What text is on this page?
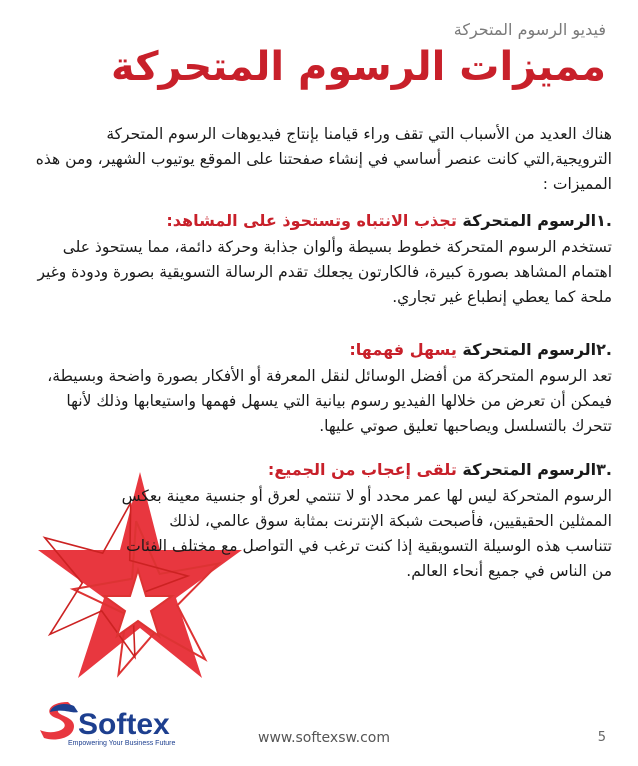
فيديو الرسوم المتحركة
مميزات الرسوم المتحركة

هناك العديد من الأسباب التي تقف وراء قيامنا بإنتاج فيديوهات الرسوم المتحركة الترويجية,التي كانت عنصر أساسي في إنشاء صفحتنا على الموقع يوتيوب الشهير، ومن هذه المميزات :

.١الرسوم المتحركة تجذب الانتباه وتستحوذ على المشاهد:

تستخدم الرسوم المتحركة خطوط بسيطة وألوان جذابة وحركة دائمة، مما يستحوذ على اهتمام المشاهد بصورة كبيرة، فالكارتون يجعلك تقدم الرسالة التسويقية بصورة ودودة وغير ملحة كما يعطي إنطباع غير تجاري.

.٢الرسوم المتحركة يسهل فهمها:

تعد الرسوم المتحركة من أفضل الوسائل لنقل المعرفة أو الأفكار بصورة واضحة وبسيطة، فيمكن أن تعرض من خلالها الفيديو رسوم بيانية التي يسهل فهمها واستيعابها وذلك لأنها تتحرك بالتسلسل ويصاحبها تعليق صوتي عليها.

.٣الرسوم المتحركة تلقى إعجاب من الجميع:

الرسوم المتحركة ليس لها عمر محدد أو لا تنتمي لعرق أو جنسية معينة بعكس الممثلين الحقيقيين، فأصبحت شبكة الإنترنت بمثابة سوق عالمي، لذلك تتناسب هذه الوسيلة التسويقية إذا كنت ترغب في التواصل مع مختلف الفئات من الناس في جميع أنحاء العالم.

Softex
Empowering Your Business Future	www.softexsw.com	5
